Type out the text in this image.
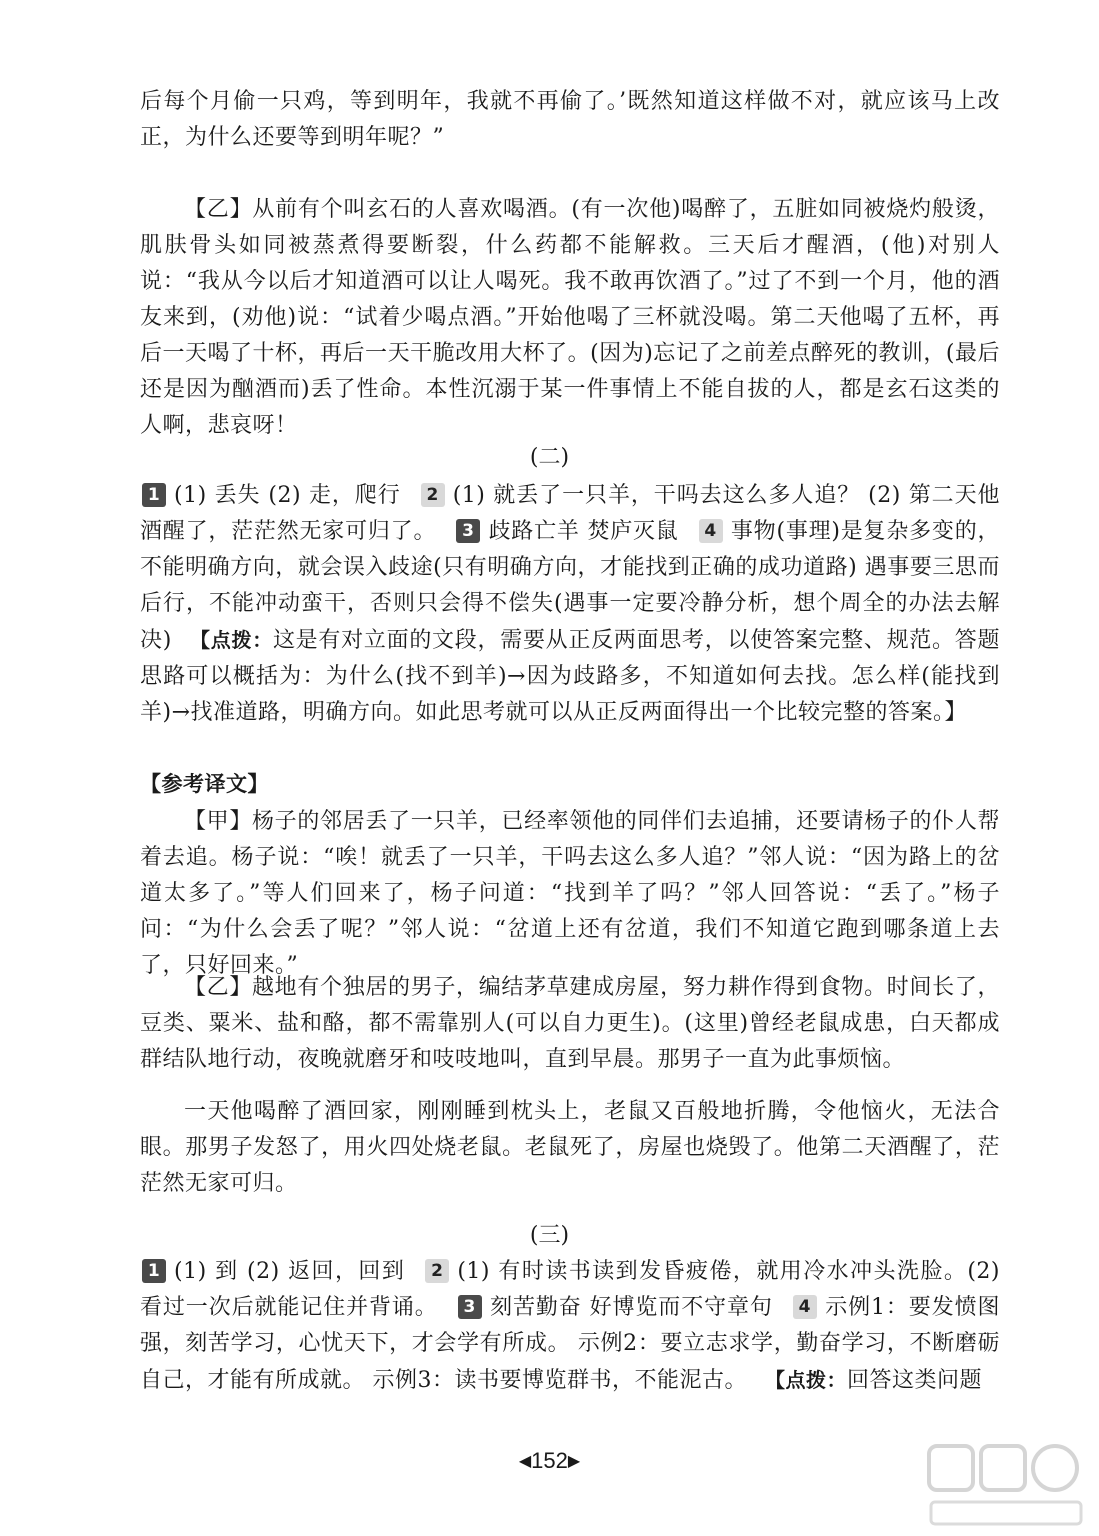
后每个月偷一只鸡，等到明年，我就不再偷了。’既然知道这样做不对，就应该马上改正，为什么还要等到明年呢？”

【乙】从前有个叫玄石的人喜欢喝酒。(有一次他)喝醉了，五脏如同被烧灼般烫，肌肤骨头如同被蒸煮得要断裂，什么药都不能解救。三天后才醒酒，(他)对别人说：“我从今以后才知道酒可以让人喝死。我不敢再饮酒了。”过了不到一个月，他的酒友来到，(劝他)说：“试着少喝点酒。”开始他喝了三杯就没喝。第二天他喝了五杯，再后一天喝了十杯，再后一天干脆改用大杯了。(因为)忘记了之前差点醉死的教训，(最后还是因为酗酒而)丢了性命。本性沉溺于某一件事情上不能自拔的人，都是玄石这类的人啊，悲哀呀！

(二)

1 (1) 丢失 (2) 走，爬行 2 (1) 就丢了一只羊，干吗去这么多人追？ (2) 第二天他酒醒了，茫茫然无家可归了。 3 歧路亡羊 焚庐灭鼠 4 事物(事理)是复杂多变的，不能明确方向，就会误入歧途(只有明确方向，才能找到正确的成功道路) 遇事要三思而后行，不能冲动蛮干，否则只会得不偿失(遇事一定要冷静分析，想个周全的办法去解决) 【点拨：这是有对立面的文段，需要从正反两面思考，以使答案完整、规范。答题思路可以概括为：为什么(找不到羊)→因为歧路多，不知道如何去找。怎么样(能找到羊)→找准道路，明确方向。如此思考就可以从正反两面得出一个比较完整的答案。】

【参考译文】

【甲】杨子的邻居丢了一只羊，已经率领他的同伴们去追捕，还要请杨子的仆人帮着去追。杨子说：“唉！就丢了一只羊，干吗去这么多人追？”邻人说：“因为路上的岔道太多了。”等人们回来了，杨子问道：“找到羊了吗？”邻人回答说：“丢了。”杨子问：“为什么会丢了呢？”邻人说：“岔道上还有岔道，我们不知道它跑到哪条道上去了，只好回来。”

【乙】越地有个独居的男子，编结茅草建成房屋，努力耕作得到食物。时间长了，豆类、粟米、盐和酪，都不需靠别人(可以自力更生)。(这里)曾经老鼠成患，白天都成群结队地行动，夜晚就磨牙和吱吱地叫，直到早晨。那男子一直为此事烦恼。

一天他喝醉了酒回家，刚刚睡到枕头上，老鼠又百般地折腾，令他恼火，无法合眼。那男子发怒了，用火四处烧老鼠。老鼠死了，房屋也烧毁了。他第二天酒醒了，茫茫然无家可归。

(三)

1 (1) 到 (2) 返回，回到 2 (1) 有时读书读到发昏疲倦，就用冷水冲头洗脸。(2) 看过一次后就能记住并背诵。 3 刻苦勤奋 好博览而不守章句 4 示例1：要发愤图强，刻苦学习，心忧天下，才会学有所成。 示例2：要立志求学，勤奋学习，不断磨砺自己，才能有所成就。 示例3：读书要博览群书，不能泥古。 【点拨：回答这类问题

◀152▶
